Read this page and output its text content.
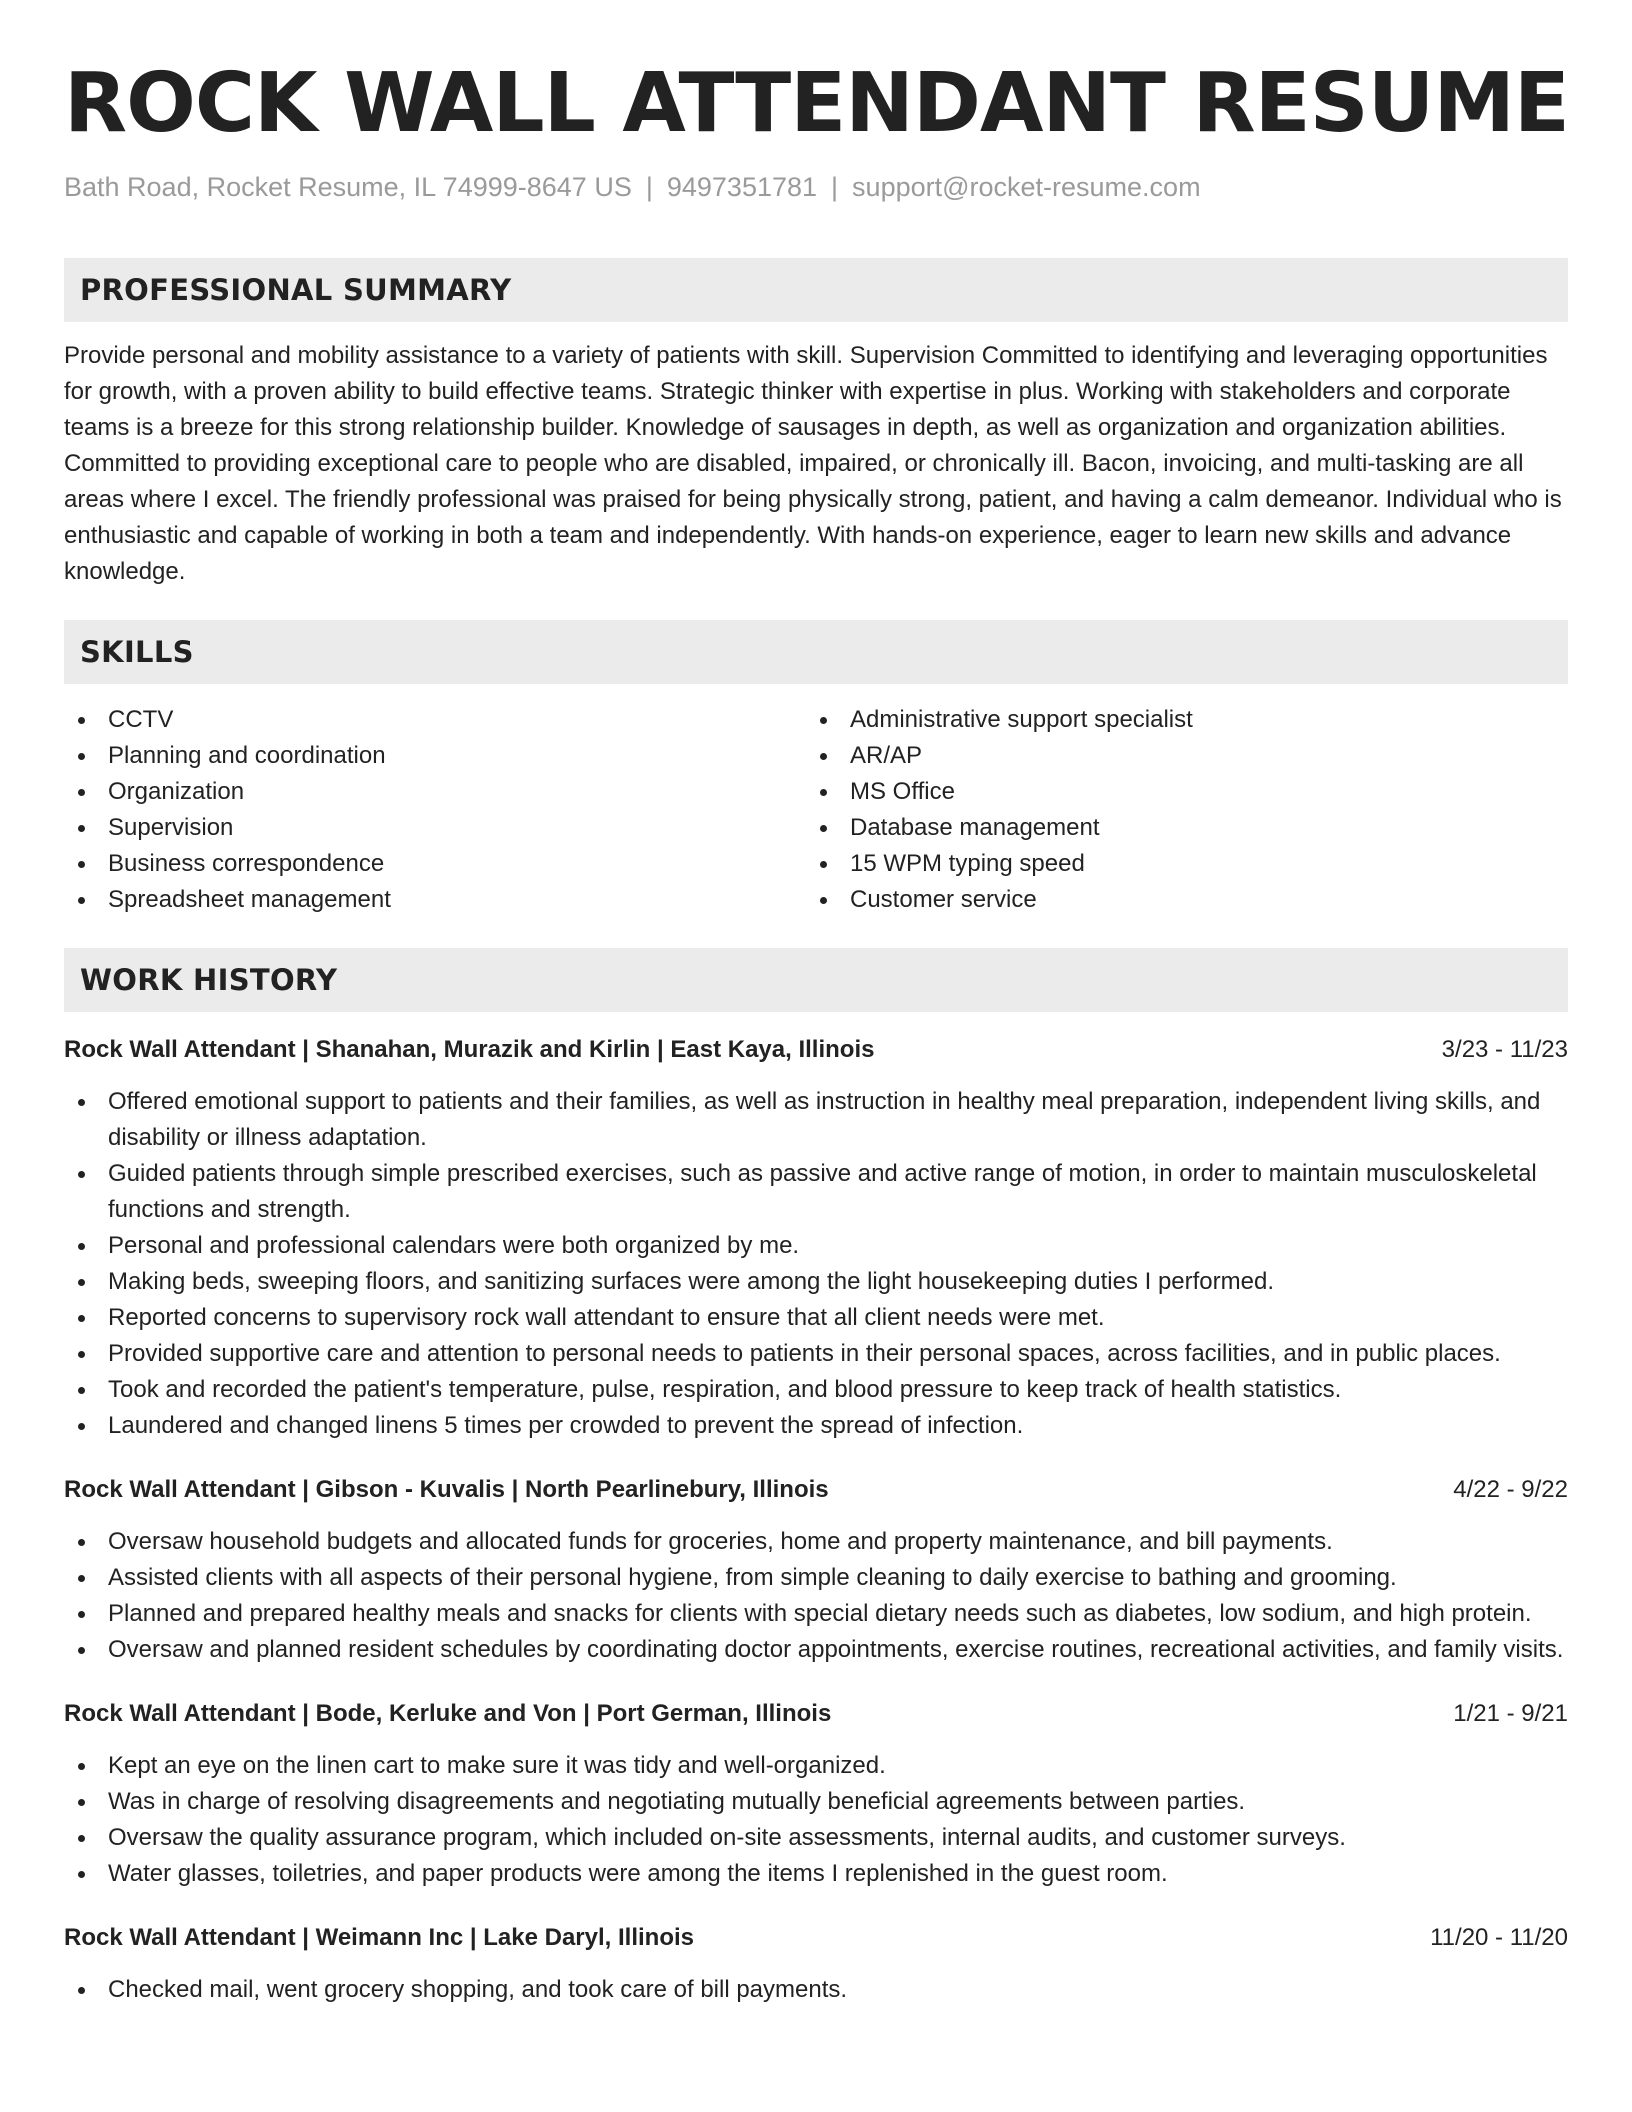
ROCK WALL ATTENDANT RESUME
Bath Road, Rocket Resume, IL 74999-8647 US | 9497351781 | support@rocket-resume.com
PROFESSIONAL SUMMARY
Provide personal and mobility assistance to a variety of patients with skill. Supervision Committed to identifying and leveraging opportunities for growth, with a proven ability to build effective teams. Strategic thinker with expertise in plus. Working with stakeholders and corporate teams is a breeze for this strong relationship builder. Knowledge of sausages in depth, as well as organization and organization abilities. Committed to providing exceptional care to people who are disabled, impaired, or chronically ill. Bacon, invoicing, and multi-tasking are all areas where I excel. The friendly professional was praised for being physically strong, patient, and having a calm demeanor. Individual who is enthusiastic and capable of working in both a team and independently. With hands-on experience, eager to learn new skills and advance knowledge.
SKILLS
CCTV
Planning and coordination
Organization
Supervision
Business correspondence
Spreadsheet management
Administrative support specialist
AR/AP
MS Office
Database management
15 WPM typing speed
Customer service
WORK HISTORY
Rock Wall Attendant | Shanahan, Murazik and Kirlin | East Kaya, Illinois	3/23 - 11/23
Offered emotional support to patients and their families, as well as instruction in healthy meal preparation, independent living skills, and disability or illness adaptation.
Guided patients through simple prescribed exercises, such as passive and active range of motion, in order to maintain musculoskeletal functions and strength.
Personal and professional calendars were both organized by me.
Making beds, sweeping floors, and sanitizing surfaces were among the light housekeeping duties I performed.
Reported concerns to supervisory rock wall attendant to ensure that all client needs were met.
Provided supportive care and attention to personal needs to patients in their personal spaces, across facilities, and in public places.
Took and recorded the patient's temperature, pulse, respiration, and blood pressure to keep track of health statistics.
Laundered and changed linens 5 times per crowded to prevent the spread of infection.
Rock Wall Attendant | Gibson - Kuvalis | North Pearlinebury, Illinois	4/22 - 9/22
Oversaw household budgets and allocated funds for groceries, home and property maintenance, and bill payments.
Assisted clients with all aspects of their personal hygiene, from simple cleaning to daily exercise to bathing and grooming.
Planned and prepared healthy meals and snacks for clients with special dietary needs such as diabetes, low sodium, and high protein.
Oversaw and planned resident schedules by coordinating doctor appointments, exercise routines, recreational activities, and family visits.
Rock Wall Attendant | Bode, Kerluke and Von | Port German, Illinois	1/21 - 9/21
Kept an eye on the linen cart to make sure it was tidy and well-organized.
Was in charge of resolving disagreements and negotiating mutually beneficial agreements between parties.
Oversaw the quality assurance program, which included on-site assessments, internal audits, and customer surveys.
Water glasses, toiletries, and paper products were among the items I replenished in the guest room.
Rock Wall Attendant | Weimann Inc | Lake Daryl, Illinois	11/20 - 11/20
Checked mail, went grocery shopping, and took care of bill payments.
